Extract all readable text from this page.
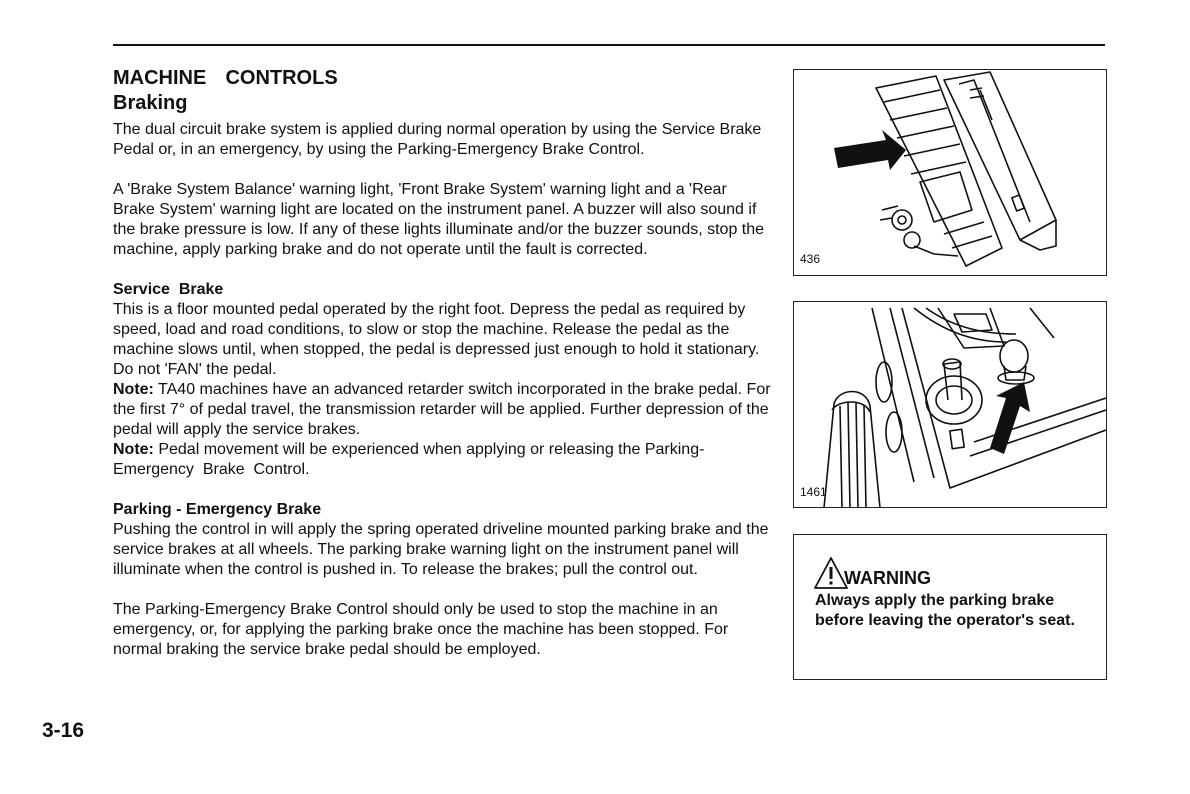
MACHINE  CONTROLS
Braking

The dual circuit brake system is applied during normal operation by using the Service Brake Pedal or, in an emergency, by using the Parking-Emergency Brake Control.

A 'Brake System Balance' warning light, 'Front Brake System' warning light and a 'Rear Brake System' warning light are located on the instrument panel. A buzzer will also sound if the brake pressure is low. If any of these lights illuminate and/or the buzzer sounds, stop the machine, apply parking brake and do not operate until the fault is corrected.

Service  Brake
This is a floor mounted pedal operated by the right foot. Depress the pedal as required by speed, load and road conditions, to slow or stop the machine. Release the pedal as the machine slows until, when stopped, the pedal is depressed just enough to hold it stationary. Do not 'FAN' the pedal.
Note: TA40 machines have an advanced retarder switch incorporated in the brake pedal. For the first 7° of pedal travel, the transmission retarder will be applied. Further depression of the pedal will apply the service brakes.
Note: Pedal movement will be experienced when applying or releasing the Parking-Emergency  Brake  Control.

Parking - Emergency Brake
Pushing the control in will apply the spring operated driveline mounted parking brake and the service brakes at all wheels. The parking brake warning light on the instrument panel will illuminate when the control is pushed in. To release the brakes; pull the control out.

The Parking-Emergency Brake Control should only be used to stop the machine in an emergency, or, for applying the parking brake once the machine has been stopped. For normal braking the service brake pedal should be employed.

3-16
436
1461
WARNING
Always apply the parking brake before leaving the operator's seat.
